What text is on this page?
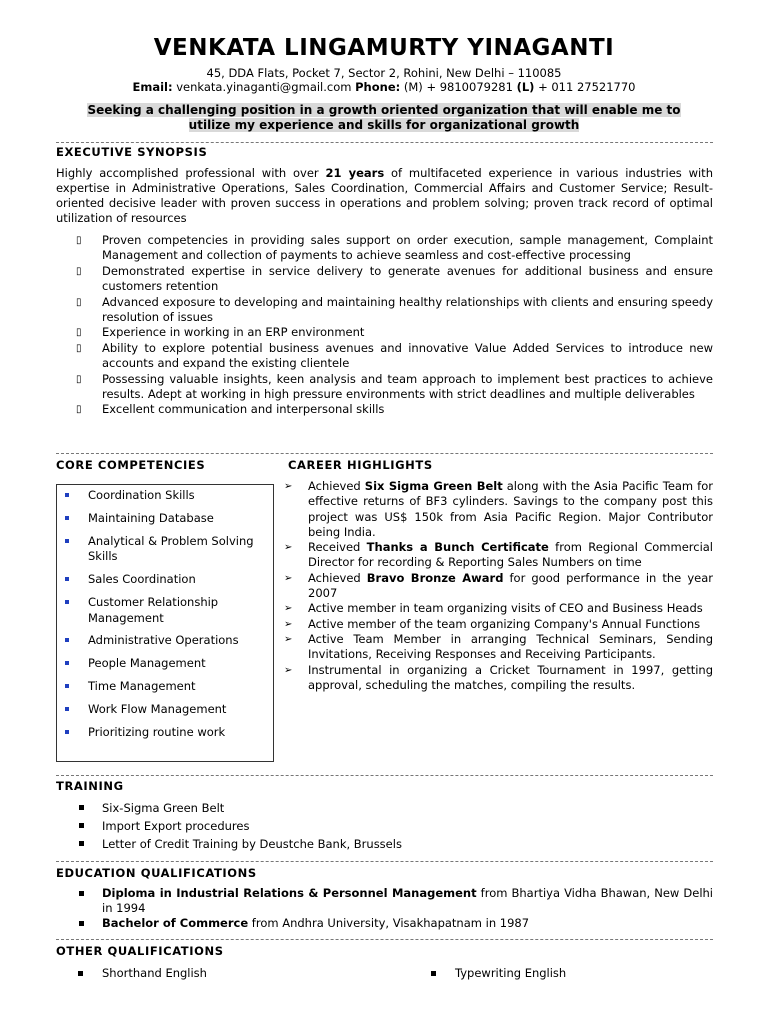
VENKATA LINGAMURTY YINAGANTI
45, DDA Flats, Pocket 7, Sector 2, Rohini, New Delhi – 110085
Email: venkata.yinaganti@gmail.com Phone: (M) + 9810079281 (L) + 011 27521770
Seeking a challenging position in a growth oriented organization that will enable me to utilize my experience and skills for organizational growth
EXECUTIVE SYNOPSIS
Highly accomplished professional with over 21 years of multifaceted experience in various industries with expertise in Administrative Operations, Sales Coordination, Commercial Affairs and Customer Service; Result-oriented decisive leader with proven success in operations and problem solving; proven track record of optimal utilization of resources
▯ Proven competencies in providing sales support on order execution, sample management, Complaint Management and collection of payments to achieve seamless and cost-effective processing
▯ Demonstrated expertise in service delivery to generate avenues for additional business and ensure customers retention
▯ Advanced exposure to developing and maintaining healthy relationships with clients and ensuring speedy resolution of issues
▯ Experience in working in an ERP environment
▯ Ability to explore potential business avenues and innovative Value Added Services to introduce new accounts and expand the existing clientele
▯ Possessing valuable insights, keen analysis and team approach to implement best practices to achieve results. Adept at working in high pressure environments with strict deadlines and multiple deliverables
▯ Excellent communication and interpersonal skills
CORE COMPETENCIES	CAREER HIGHLIGHTS
Coordination Skills
Maintaining Database
Analytical & Problem Solving Skills
Sales Coordination
Customer Relationship Management
Administrative Operations
People Management
Time Management
Work Flow Management
Prioritizing routine work
➢ Achieved Six Sigma Green Belt along with the Asia Pacific Team for effective returns of BF3 cylinders. Savings to the company post this project was US$ 150k from Asia Pacific Region. Major Contributor being India.
➢ Received Thanks a Bunch Certificate from Regional Commercial Director for recording & Reporting Sales Numbers on time
➢ Achieved Bravo Bronze Award for good performance in the year 2007
➢ Active member in team organizing visits of CEO and Business Heads
➢ Active member of the team organizing Company's Annual Functions
➢ Active Team Member in arranging Technical Seminars, Sending Invitations, Receiving Responses and Receiving Participants.
➢ Instrumental in organizing a Cricket Tournament in 1997, getting approval, scheduling the matches, compiling the results.
TRAINING
Six-Sigma Green Belt
Import Export procedures
Letter of Credit Training by Deustche Bank, Brussels
EDUCATION QUALIFICATIONS
Diploma in Industrial Relations & Personnel Management from Bhartiya Vidha Bhawan, New Delhi in 1994
Bachelor of Commerce from Andhra University, Visakhapatnam in 1987
OTHER QUALIFICATIONS
Shorthand English	Typewriting English
